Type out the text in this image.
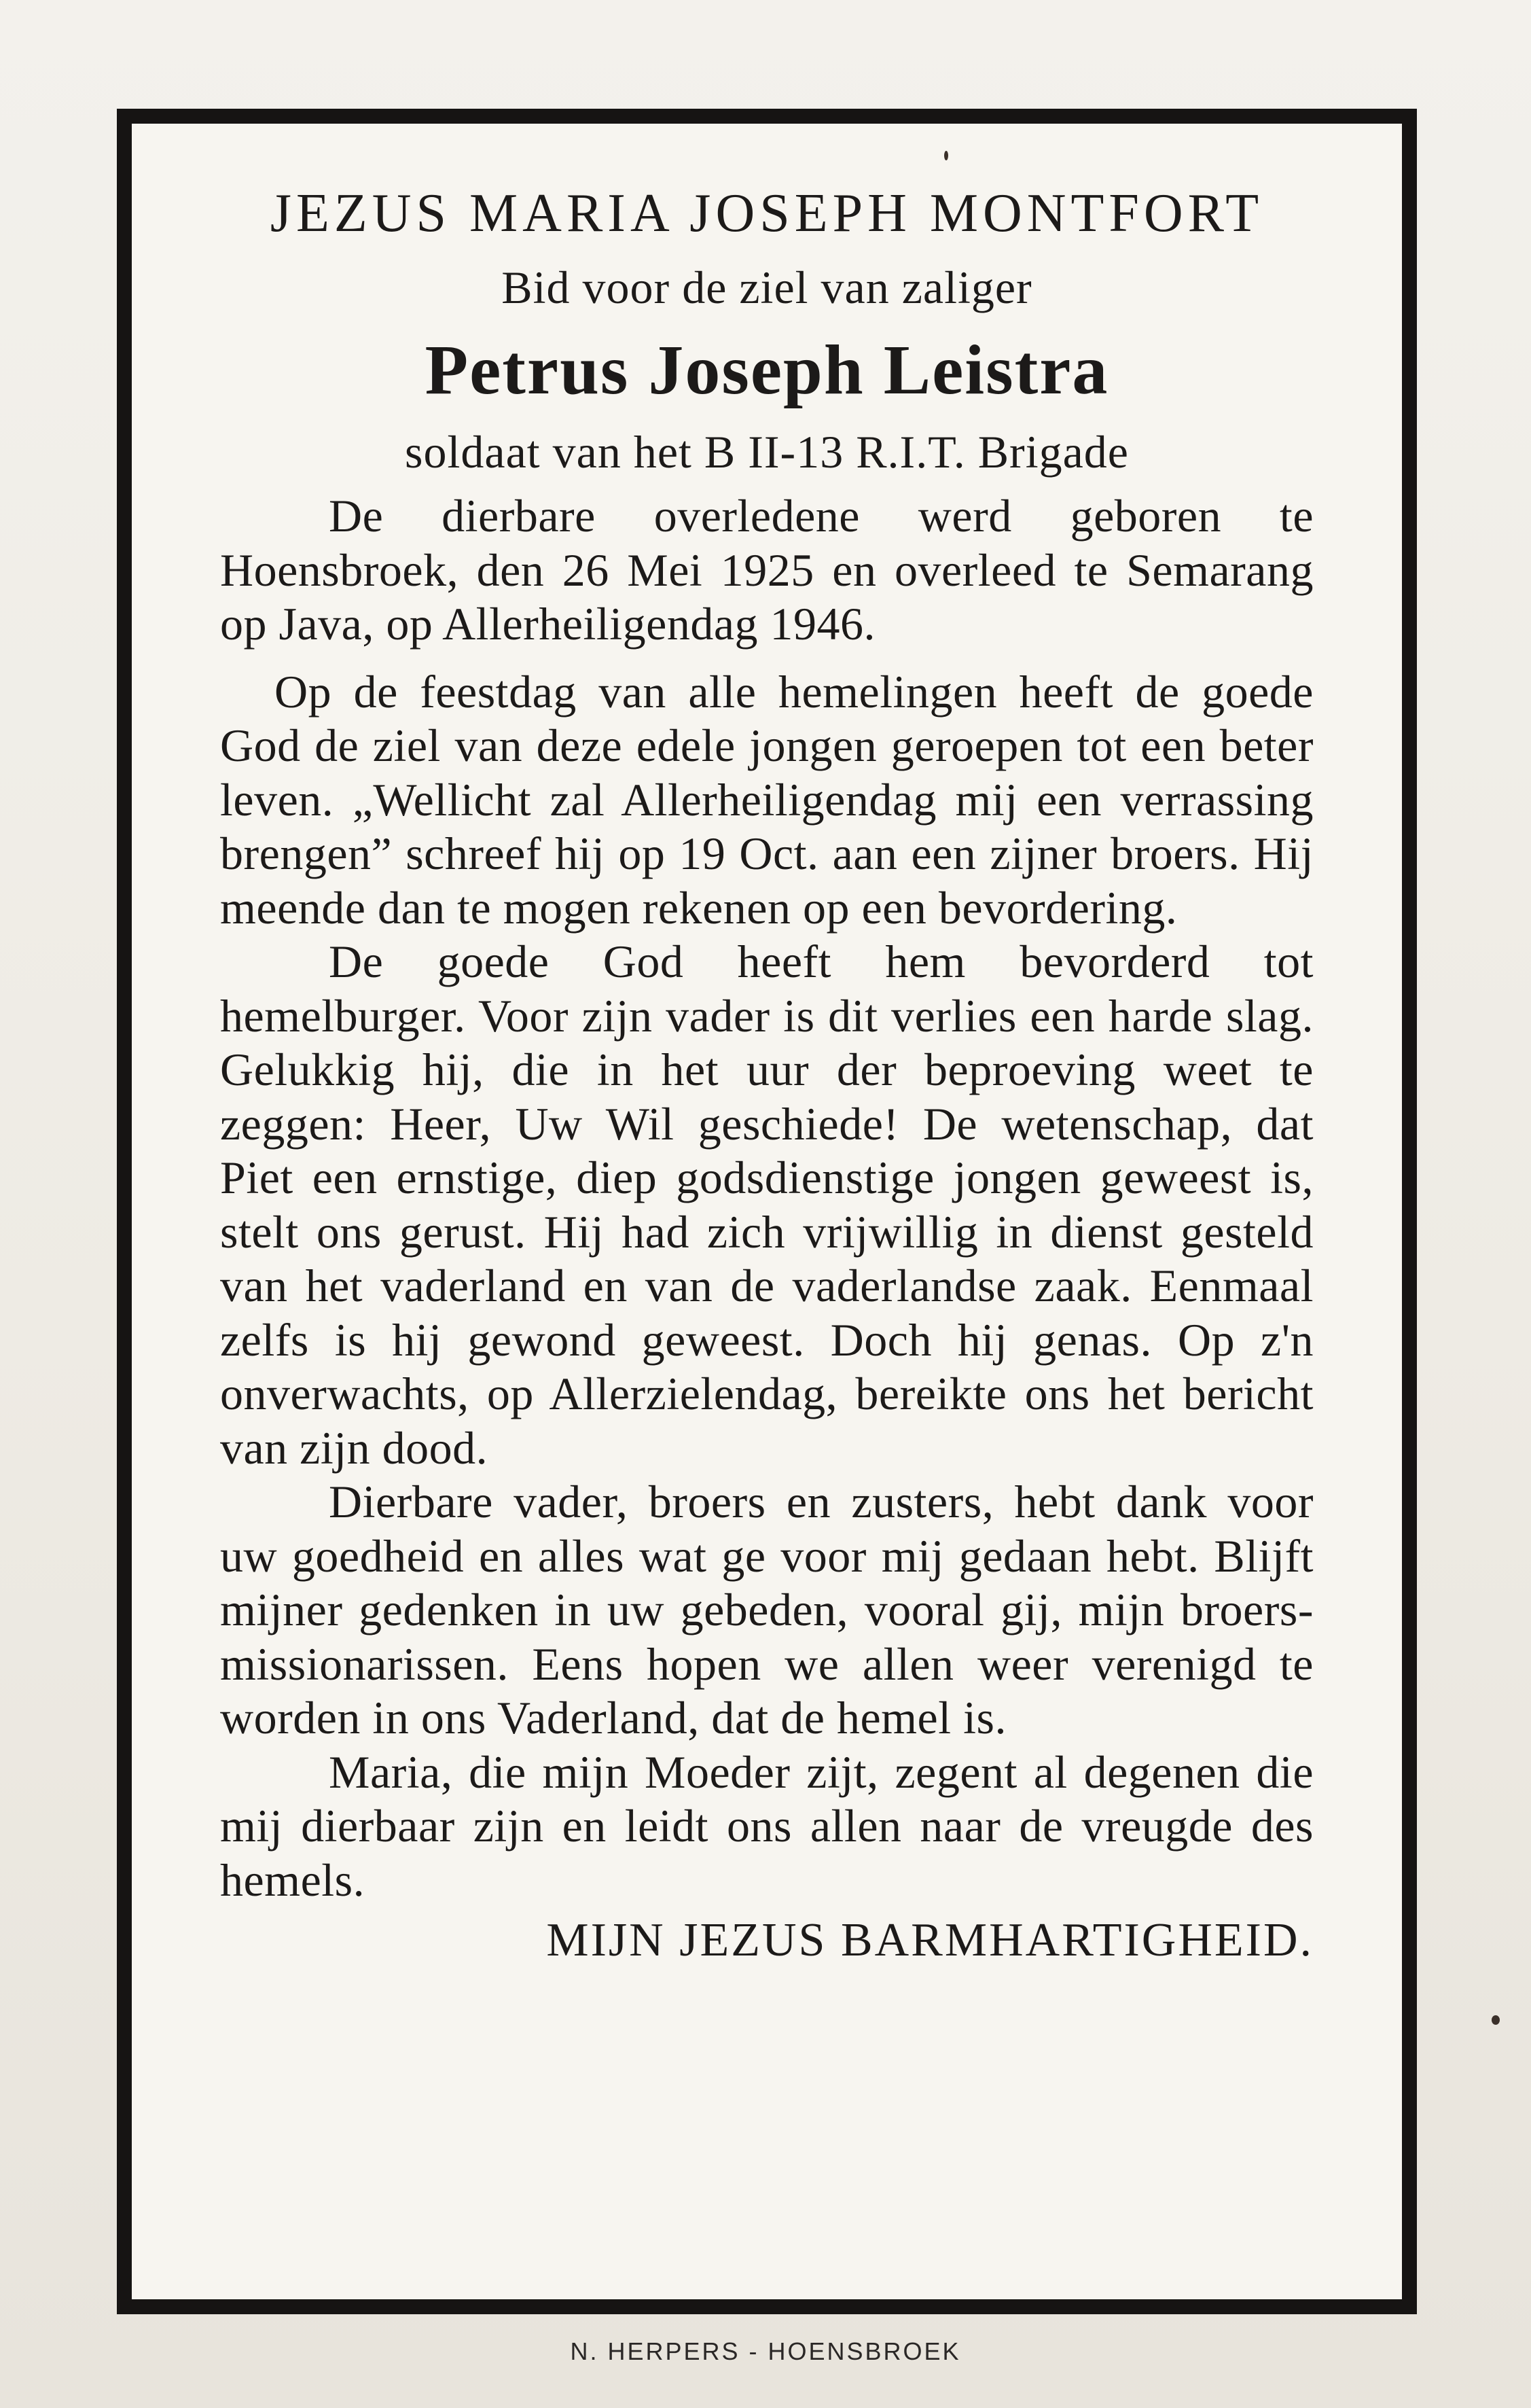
JEZUS MARIA JOSEPH MONTFORT
Bid voor de ziel van zaliger
Petrus Joseph Leistra
soldaat van het B II-13 R.I.T. Brigade

De dierbare overledene werd geboren te Hoensbroek, den 26 Mei 1925 en overleed te Semarang op Java, op Allerheiligendag 1946.

Op de feestdag van alle hemelingen heeft de goede God de ziel van deze edele jongen geroepen tot een beter leven. „Wellicht zal Allerheiligendag mij een verrassing brengen” schreef hij op 19 Oct. aan een zijner broers. Hij meende dan te mogen rekenen op een bevordering.

De goede God heeft hem bevorderd tot hemelburger. Voor zijn vader is dit verlies een harde slag. Gelukkig hij, die in het uur der beproeving weet te zeggen: Heer, Uw Wil geschiede! De wetenschap, dat Piet een ernstige, diep godsdienstige jongen geweest is, stelt ons gerust. Hij had zich vrijwillig in dienst gesteld van het vaderland en van de vaderlandse zaak. Eenmaal zelfs is hij gewond geweest. Doch hij genas. Op z'n onverwachts, op Allerzielendag, bereikte ons het bericht van zijn dood.

Dierbare vader, broers en zusters, hebt dank voor uw goedheid en alles wat ge voor mij gedaan hebt. Blijft mijner gedenken in uw gebeden, vooral gij, mijn broers-missionarissen. Eens hopen we allen weer verenigd te worden in ons Vaderland, dat de hemel is.

Maria, die mijn Moeder zijt, zegent al degenen die mij dierbaar zijn en leidt ons allen naar de vreugde des hemels.

MIJN JEZUS BARMHARTIGHEID.
N. HERPERS - HOENSBROEK
